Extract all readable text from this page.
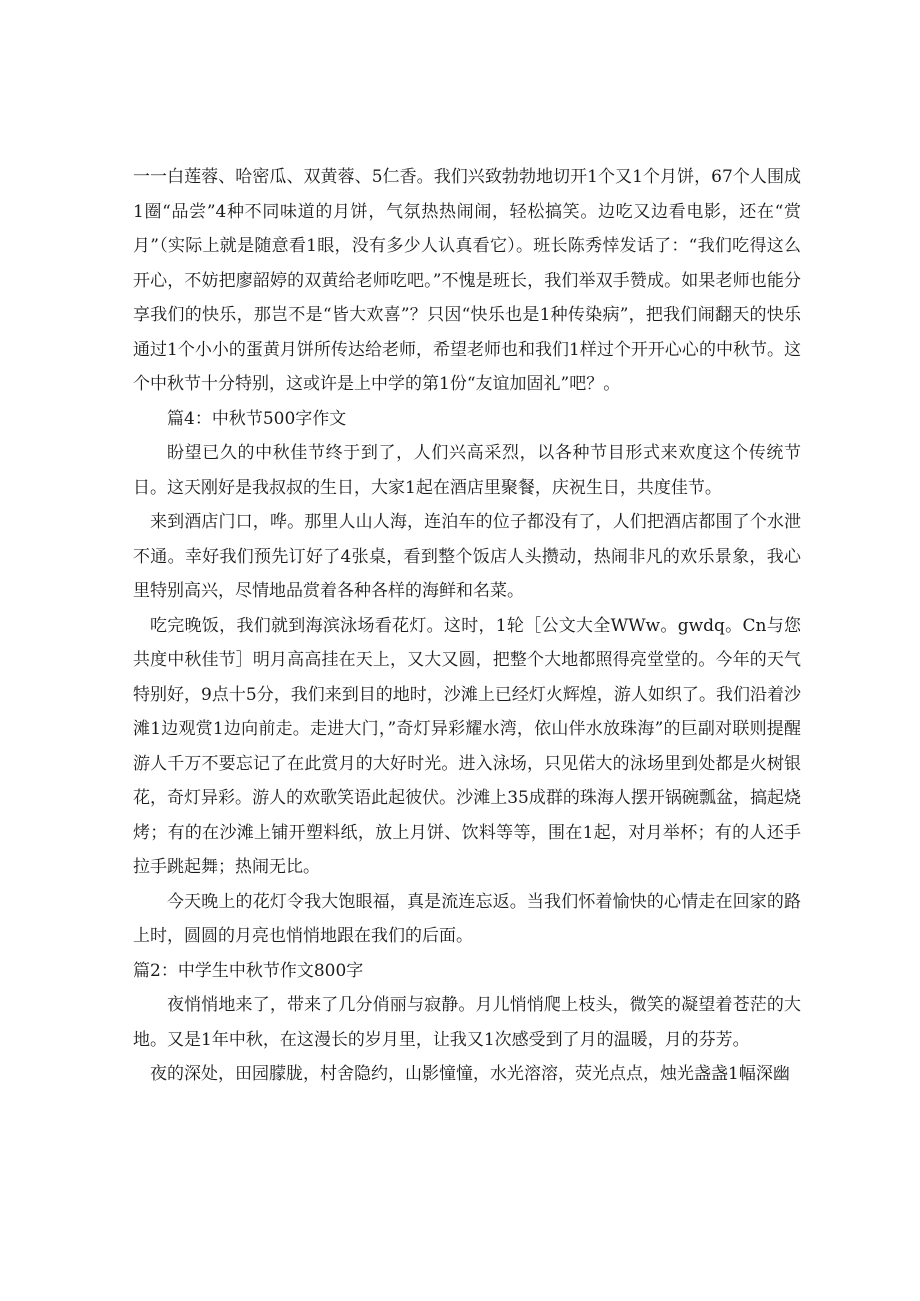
一一白莲蓉、哈密瓜、双黄蓉、5仁香。我们兴致勃勃地切开1个又1个月饼，67个人围成1圈“品尝”4种不同味道的月饼，气氛热热闹闹，轻松搞笑。边吃又边看电影，还在“赏月”（实际上就是随意看1眼，没有多少人认真看它）。班长陈秀悻发话了：“我们吃得这么开心，不妨把廖韶婷的双黄给老师吃吧。”不愧是班长，我们举双手赞成。如果老师也能分享我们的快乐，那岂不是“皆大欢喜”？只因“快乐也是1种传染病”，把我们闹翻天的快乐通过1个小小的蛋黄月饼所传达给老师，希望老师也和我们1样过个开开心心的中秋节。这个中秋节十分特别，这或许是上中学的第1份“友谊加固礼”吧？。

篇4：中秋节500字作文

盼望已久的中秋佳节终于到了，人们兴高采烈，以各种节目形式来欢度这个传统节日。这天刚好是我叔叔的生日，大家1起在酒店里聚餐，庆祝生日，共度佳节。

来到酒店门口，哗。那里人山人海，连泊车的位子都没有了，人们把酒店都围了个水泄不通。幸好我们预先订好了4张桌，看到整个饭店人头攒动，热闹非凡的欢乐景象，我心里特别高兴，尽情地品赏着各种各样的海鲜和名菜。

吃完晚饭，我们就到海滨泳场看花灯。这时，1轮［公文大全WWw。gwdq。Cn与您共度中秋佳节］明月高高挂在天上，又大又圆，把整个大地都照得亮堂堂的。今年的天气特别好，9点十5分，我们来到目的地时，沙滩上已经灯火辉煌，游人如织了。我们沿着沙滩1边观赏1边向前走。走进大门，”奇灯异彩耀水湾，依山伴水放珠海”的巨副对联则提醒游人千万不要忘记了在此赏月的大好时光。进入泳场，只见偌大的泳场里到处都是火树银花，奇灯异彩。游人的欢歌笑语此起彼伏。沙滩上35成群的珠海人摆开锅碗瓢盆，搞起烧烤；有的在沙滩上铺开塑料纸，放上月饼、饮料等等，围在1起，对月举杯；有的人还手拉手跳起舞；热闹无比。

今天晚上的花灯令我大饱眼福，真是流连忘返。当我们怀着愉快的心情走在回家的路上时，圆圆的月亮也悄悄地跟在我们的后面。

篇2：中学生中秋节作文800字

夜悄悄地来了，带来了几分俏丽与寂静。月儿悄悄爬上枝头，微笑的凝望着苍茫的大地。又是1年中秋，在这漫长的岁月里，让我又1次感受到了月的温暖，月的芬芳。

夜的深处，田园朦胧，村舍隐约，山影憧憧，水光溶溶，荧光点点，烛光盏盏1幅深幽
